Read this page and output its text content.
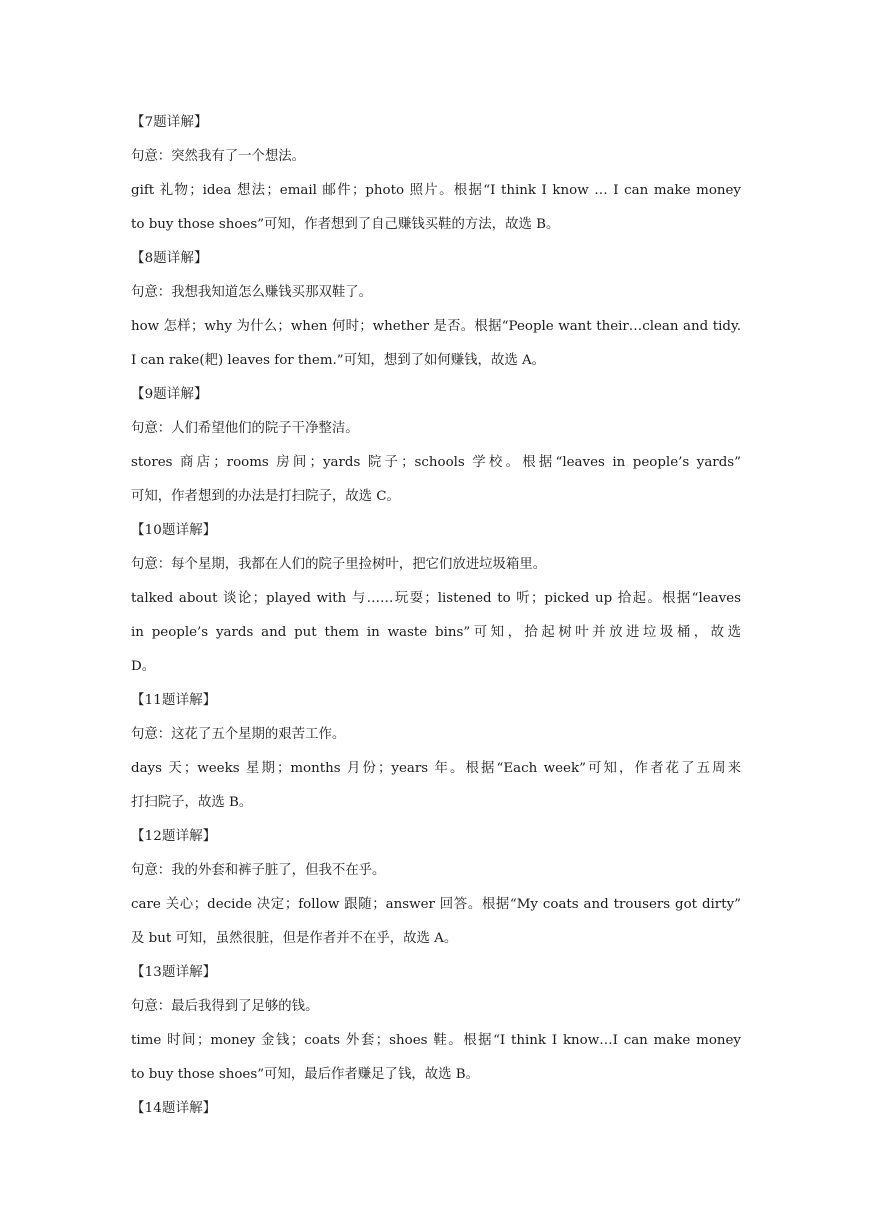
【7题详解】
句意：突然我有了一个想法。
gift 礼物；idea 想法；email 邮件；photo 照片。根据“I think I know … I can make money
to buy those shoes”可知，作者想到了自己赚钱买鞋的方法，故选 B。
【8题详解】
句意：我想我知道怎么赚钱买那双鞋了。
how 怎样；why 为什么；when 何时；whether 是否。根据“People want their…clean and tidy.
I can rake(耙) leaves for them.”可知，想到了如何赚钱，故选 A。
【9题详解】
句意：人们希望他们的院子干净整洁。
stores 商店；rooms 房间；yards 院子；schools 学校。根据“leaves in people’s yards”
可知，作者想到的办法是打扫院子，故选 C。
【10题详解】
句意：每个星期，我都在人们的院子里捡树叶，把它们放进垃圾箱里。
talked about 谈论；played with 与……玩耍；listened to 听；picked up 拾起。根据“leaves
in people’s yards and put them in waste bins”可知，拾起树叶并放进垃圾桶，故选
D。
【11题详解】
句意：这花了五个星期的艰苦工作。
days 天；weeks 星期；months 月份；years 年。根据“Each week”可知，作者花了五周来
打扫院子，故选 B。
【12题详解】
句意：我的外套和裤子脏了，但我不在乎。
care 关心；decide 决定；follow 跟随；answer 回答。根据“My coats and trousers got dirty”
及 but 可知，虽然很脏，但是作者并不在乎，故选 A。
【13题详解】
句意：最后我得到了足够的钱。
time 时间；money 金钱；coats 外套；shoes 鞋。根据“I think I know…I can make money
to buy those shoes”可知，最后作者赚足了钱，故选 B。
【14题详解】
